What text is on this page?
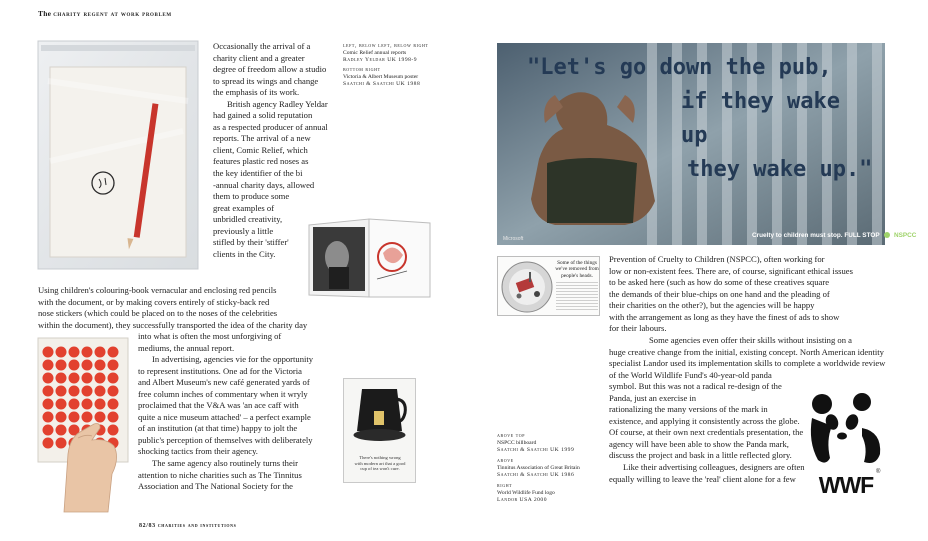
The charity regent at work problem

Occasionally the arrival of a

charity client and a greater

degree of freedom allow a studio

to spread its wings and change

the emphasis of its work.

British agency Radley Yeldar

had gained a solid reputation

as a respected producer of annual

reports. The arrival of a new

client, Comic Relief, which

features plastic red noses as

the key identifier of the bi

-annual charity days, allowed

them to produce some

great examples of

unbridled creativity,

previously a little

stifled by their 'stiffer'

clients in the City.

left, below left, below right
Comic Relief annual reports
Radley Yeldar UK 1998-9
bottom right
Victoria & Albert Museum poster
Saatchi & Saatchi UK 1988

Using children's colouring-book vernacular and enclosing red pencils

with the document, or by making covers entirely of sticky-back red

nose stickers (which could be placed on to the noses of the celebrities

within the document), they successfully transported the idea of the charity day

into what is often the most unforgiving of

mediums, the annual report.

In advertising, agencies vie for the opportunity

to represent institutions. One ad for the Victoria

and Albert Museum's new café generated yards of

free column inches of commentary when it wryly

proclaimed that the V&A was 'an ace caff with

quite a nice museum attached' – a perfect example

of an institution (at that time) happy to jolt the

public's perception of themselves with deliberately

shocking tactics from their agency.

The same agency also routinely turns their

attention to niche charities such as The Tinnitus

Association and The National Society for the

There's nothing wrong
with modern art that a good
cup of tea won't cure.
82/83 charities and institutions
"Let's go down the pub,
if they wake up
they wake up."
Cruelty to children must stop. FULL STOP NSPCC
Microsoft
Some of the things we've removed from people's heads.

Prevention of Cruelty to Children (NSPCC), often working for

low or non-existent fees. There are, of course, significant ethical issues

to be asked here (such as how do some of these creatives square

the demands of their blue-chips on one hand and the pleading of

their charities on the other?), but the agencies will be happy

with the arrangement as long as they have the finest of ads to show

for their labours.

Some agencies even offer their skills without insisting on a

huge creative change from the initial, existing concept. North American identity

specialist Landor used its implementation skills to complete a worldwide review

of the World Wildlife Fund's 40-year-old panda

symbol. But this was not a radical re-design of the

Panda, just an exercise in

rationalizing the many versions of the mark in

existence, and applying it consistently across the globe.

Of course, at their own next credentials presentation, the

agency will have been able to show the Panda mark,

discuss the project and bask in a little reflected glory.

Like their advertising colleagues, designers are often

equally willing to leave the 'real' client alone for a few

above top
NSPCC billboard
Saatchi & Saatchi UK 1999
above
Tinnitus Association of Great Britain
Saatchi & Saatchi UK 1986
right
World Wildlife Fund logo
Landor USA 2000
®
WWF
